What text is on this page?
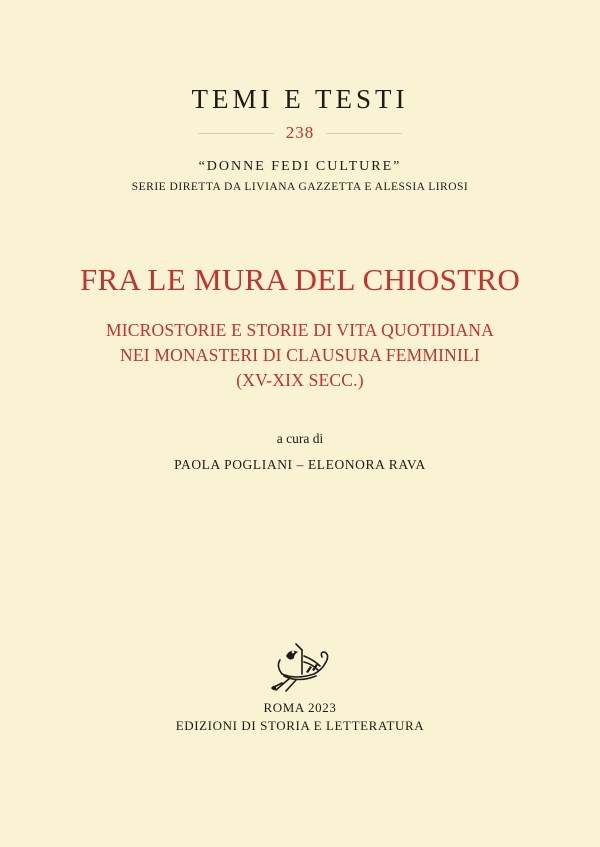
TEMI E TESTI
238
“DONNE FEDI CULTURE”
SERIE DIRETTA DA LIVIANA GAZZETTA E ALESSIA LIROSI
FRA LE MURA DEL CHIOSTRO
MICROSTORIE E STORIE DI VITA QUOTIDIANA
NEI MONASTERI DI CLAUSURA FEMMINILI
(XV-XIX SECC.)
a cura di
PAOLA POGLIANI – ELEONORA RAVA
ROMA 2023
EDIZIONI DI STORIA E LETTERATURA
